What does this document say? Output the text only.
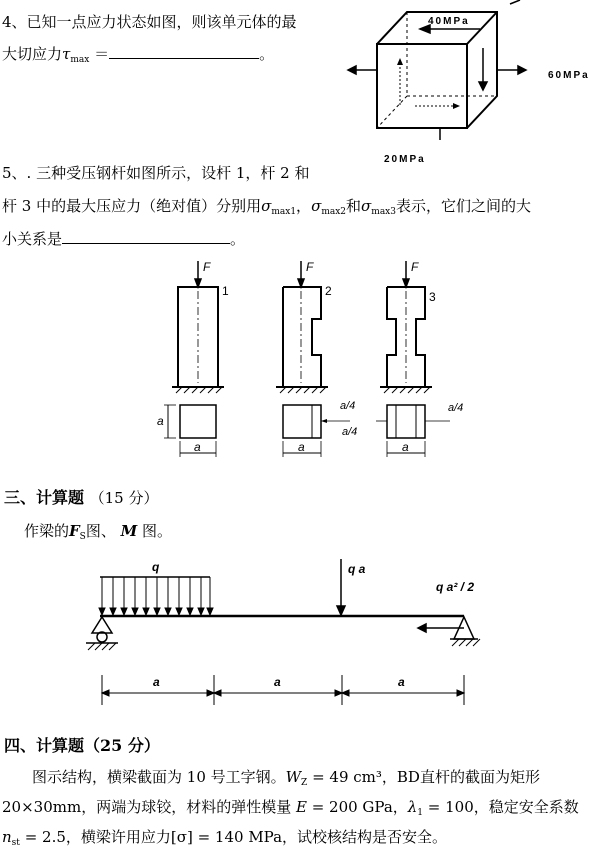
4、已知一点应力状态如图，则该单元体的最
大切应力$\tau_{max}$ ＝	。
40MPa
60MPa
20MPa
5、. 三种受压钢杆如图所示，设杆 1，杆 2 和
杆 3 中的最大压应力（绝对值）分别用$\sigma_{max1}$，$\sigma_{max2}$和$\sigma_{max3}$表示，它们之间的大
小关系是	。
F
1
a
a
F
2
a/4
a/4
a
F
3
a/4
a
三、计算题 （15 分）
作梁的$F_S$图、 M 图。
q	q a
q a² / 2
a	a	a
四、计算题（25 分）
图示结构，横梁截面为 10 号工字钢。$W_Z = 49$ cm³，BD直杆的截面为矩形
20×30mm，两端为球铰，材料的弹性模量 E = 200 GPa，$\lambda_1 = 100$，稳定安全系数
$n_{st} = 2.5$，横梁许用应力[σ] = 140 MPa，试校核结构是否安全。
